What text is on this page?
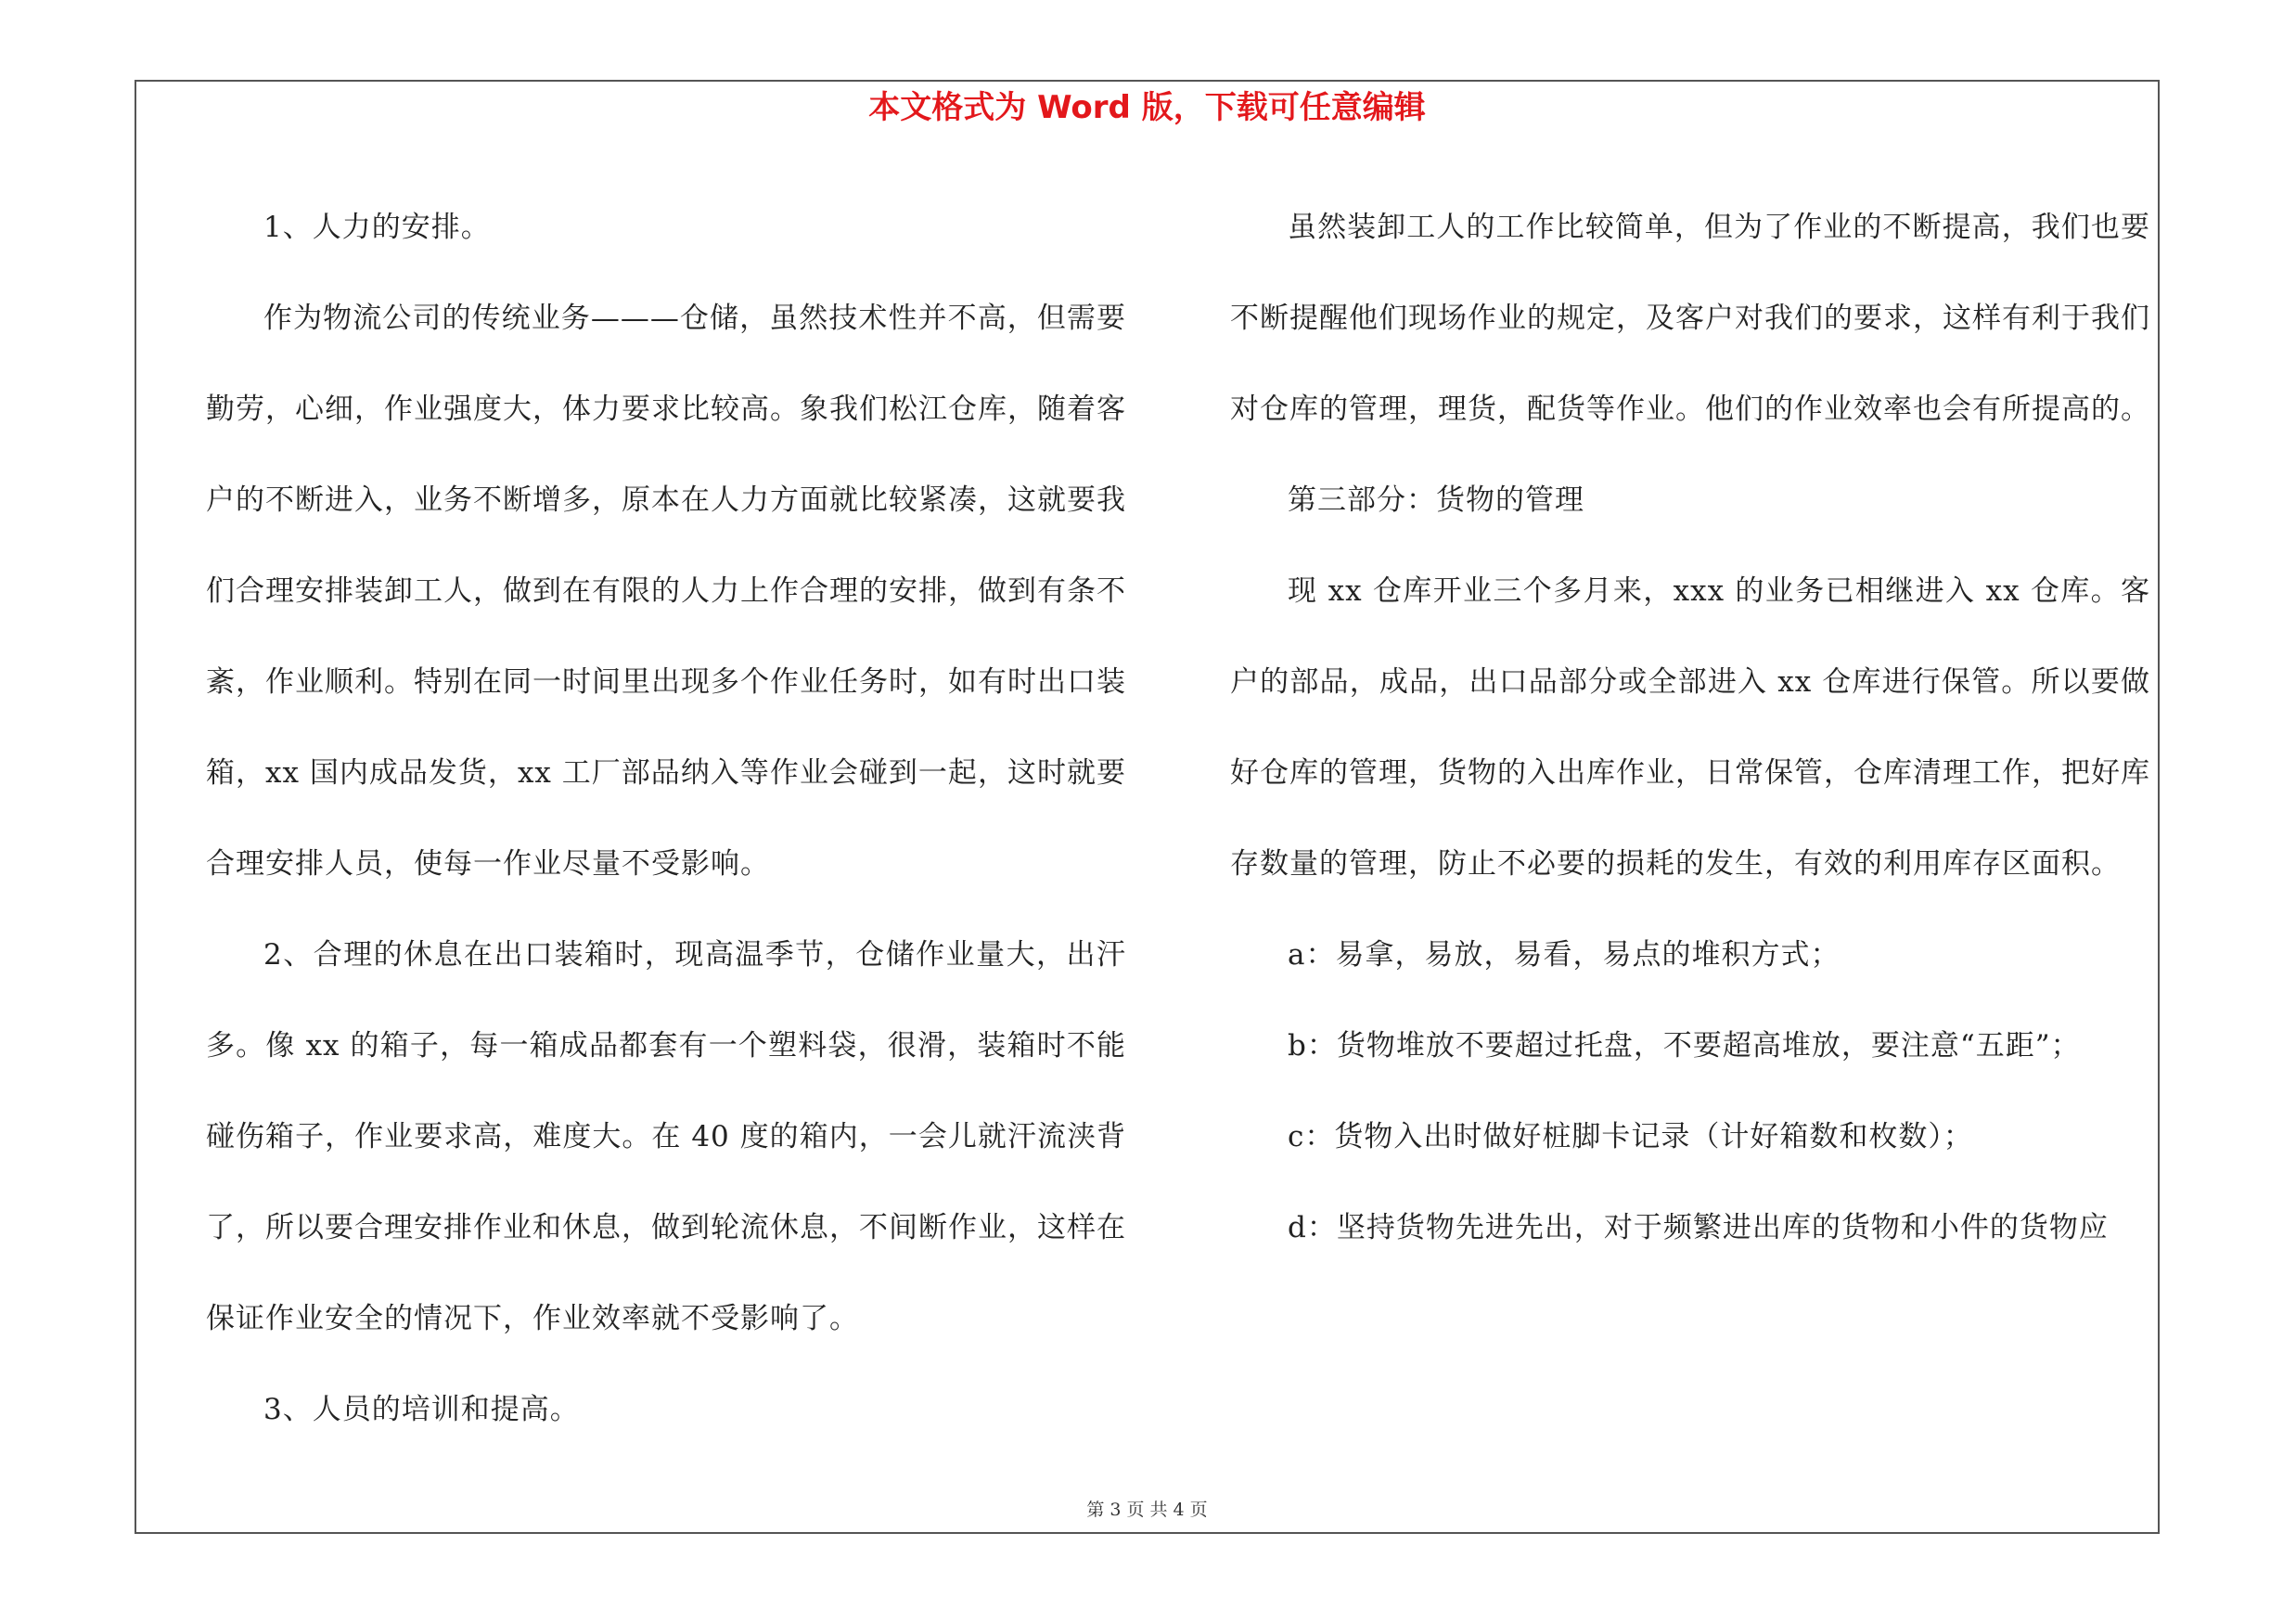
本文格式为 Word 版，下载可任意编辑

1、人力的安排。

作为物流公司的传统业务———仓储，虽然技术性并不高，但需要勤劳，心细，作业强度大，体力要求比较高。象我们松江仓库，随着客户的不断进入，业务不断增多，原本在人力方面就比较紧凑，这就要我们合理安排装卸工人，做到在有限的人力上作合理的安排，做到有条不紊，作业顺利。特别在同一时间里出现多个作业任务时，如有时出口装箱，xx 国内成品发货，xx 工厂部品纳入等作业会碰到一起，这时就要合理安排人员，使每一作业尽量不受影响。

2、合理的休息在出口装箱时，现高温季节，仓储作业量大，出汗多。像 xx 的箱子，每一箱成品都套有一个塑料袋，很滑，装箱时不能碰伤箱子，作业要求高，难度大。在 40 度的箱内，一会儿就汗流浃背了，所以要合理安排作业和休息，做到轮流休息，不间断作业，这样在保证作业安全的情况下，作业效率就不受影响了。

3、人员的培训和提高。

虽然装卸工人的工作比较简单，但为了作业的不断提高，我们也要不断提醒他们现场作业的规定，及客户对我们的要求，这样有利于我们对仓库的管理，理货，配货等作业。他们的作业效率也会有所提高的。

第三部分：货物的管理

现 xx 仓库开业三个多月来，xxx 的业务已相继进入 xx 仓库。客户的部品，成品，出口品部分或全部进入 xx 仓库进行保管。所以要做好仓库的管理，货物的入出库作业，日常保管，仓库清理工作，把好库存数量的管理，防止不必要的损耗的发生，有效的利用库存区面积。

a：易拿，易放，易看，易点的堆积方式；

b：货物堆放不要超过托盘，不要超高堆放，要注意“五距”；

c：货物入出时做好桩脚卡记录（计好箱数和枚数）；

d：坚持货物先进先出，对于频繁进出库的货物和小件的货物应

第 3 页 共 4 页
